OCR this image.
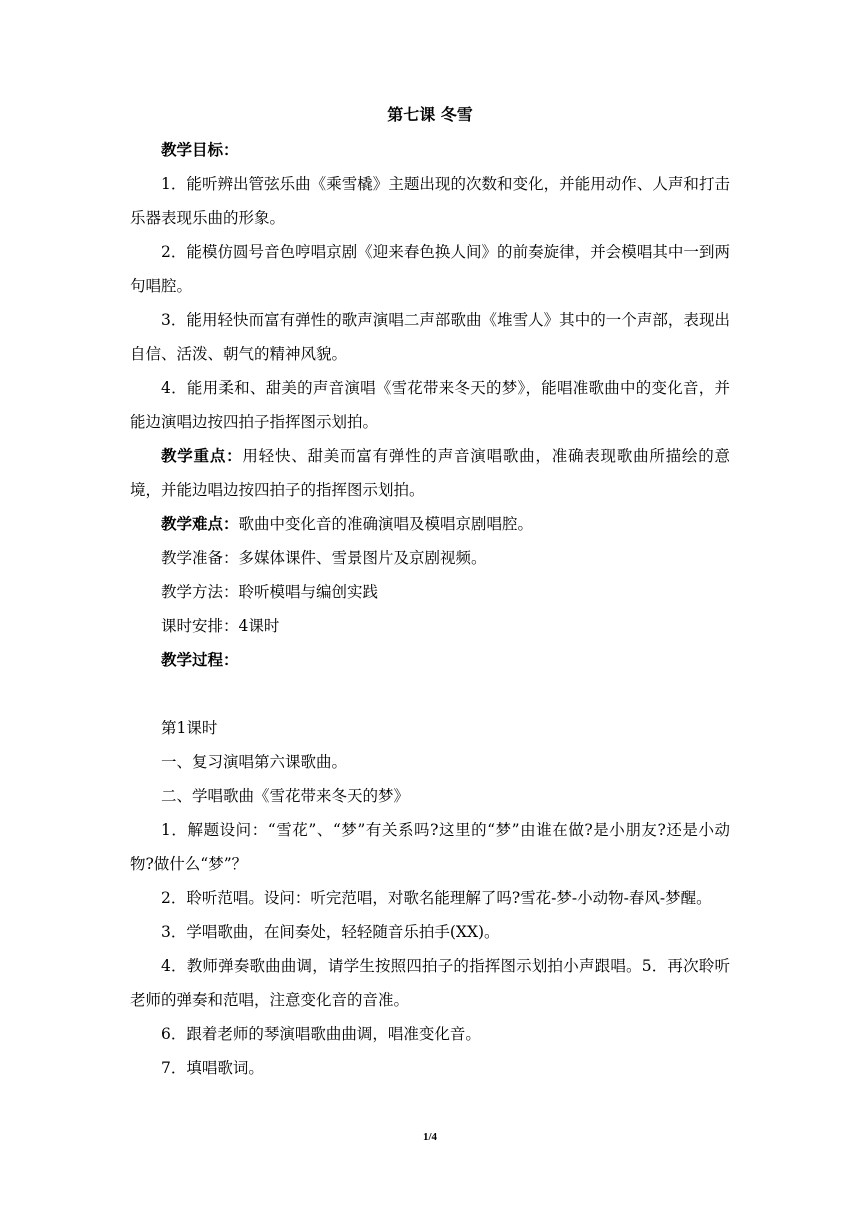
第七课 冬雪

教学目标：

1．能听辨出管弦乐曲《乘雪橇》主题出现的次数和变化，并能用动作、人声和打击乐器表现乐曲的形象。

2．能模仿圆号音色哼唱京剧《迎来春色换人间》的前奏旋律，并会模唱其中一到两句唱腔。

3．能用轻快而富有弹性的歌声演唱二声部歌曲《堆雪人》其中的一个声部，表现出自信、活泼、朝气的精神风貌。

4．能用柔和、甜美的声音演唱《雪花带来冬天的梦》，能唱准歌曲中的变化音，并能边演唱边按四拍子指挥图示划拍。

教学重点：用轻快、甜美而富有弹性的声音演唱歌曲，准确表现歌曲所描绘的意境，并能边唱边按四拍子的指挥图示划拍。

教学难点：歌曲中变化音的准确演唱及模唱京剧唱腔。

教学准备：多媒体课件、雪景图片及京剧视频。

教学方法：聆听模唱与编创实践

课时安排：4课时

教学过程：

第1课时

一、复习演唱第六课歌曲。

二、学唱歌曲《雪花带来冬天的梦》

1．解题设问：“雪花”、“梦”有关系吗?这里的“梦”由谁在做?是小朋友?还是小动物?做什么“梦”？

2．聆听范唱。设问：听完范唱，对歌名能理解了吗?雪花-梦-小动物-春风-梦醒。

3．学唱歌曲，在间奏处，轻轻随音乐拍手(XX)。

4．教师弹奏歌曲曲调，请学生按照四拍子的指挥图示划拍小声跟唱。5．再次聆听老师的弹奏和范唱，注意变化音的音准。

6．跟着老师的琴演唱歌曲曲调，唱准变化音。

7．填唱歌词。

1/4
